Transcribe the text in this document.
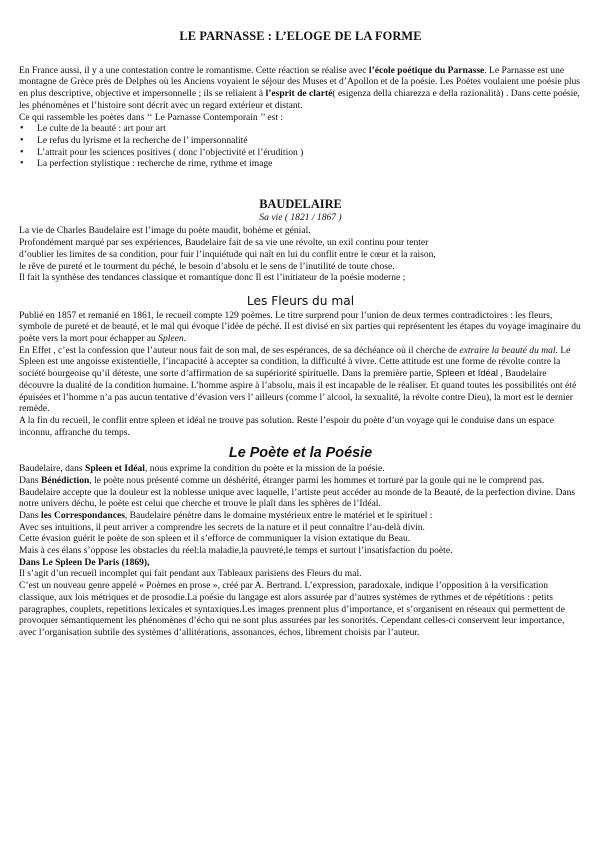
LE PARNASSE : L’ELOGE DE LA FORME

En France aussi, il y a une contestation contre le romantisme. Cette réaction se réalise avec l’école poétique du Parnasse. Le Parnasse est une montagne de Grèce près de Delphes où les Anciens voyaient le séjour des Muses et d’Apollon et de la poésie. Les Poètes voulaient une poésie plus en plus descriptive, objective et impersonnelle ; ils se reliaient à l’esprit de clarté( esigenza della chiarezza e della razionalità) . Dans cette poésie, les phénomènes et l’histoire sont décrit avec un regard extérieur et distant.

Ce qui rassemble les poètes dans ‘‘ Le Parnasse Contemporain ’’ est :

• Le culte de la beauté : art pour art
• Le refus du lyrisme et la recherche de l’ impersonnalité
• L’attrait pour les sciences positives ( donc l’objectivité et l’érudition )
• La perfection stylistique : recherche de rime, rythme et image
BAUDELAIRE
Sa vie ( 1821 / 1867 )
La vie de Charles Baudelaire est l’image du poète maudit, bohème et génial.
Profondément marqué par ses expériences, Baudelaire fait de sa vie une révolte, un exil continu pour tenter
d’oublier les limites de sa condition, pour fuir l’inquiétude qui naît en lui du conflit entre le cœur et la raison,
le rêve de pureté et le tourment du péché, le besoin d’absolu et le sens de l’inutilité de toute chose.
Il fait la synthèse des tendances classique et romantique donc Il est l’initiateur de la poésie moderne ;
Les Fleurs du mal

Publié en 1857 et remanié en 1861, le recueil compte 129 poèmes. Le titre surprend pour l’union de deux termes contradictoires : les fleurs, symbole de pureté et de beauté, et le mal qui évoque l’idée de péché. Il est divisé en six parties qui représentent les étapes du voyage imaginaire du poète vers la mort pour échapper au Spleen.

En Effet , c’est la confession que l’auteur nous fait de son mal, de ses espérances, de sa déchéance où il cherche de extraire la beauté du mal. Le Spleen est une angoisse existentielle, l’incapacité à accepter sa condition, la difficulté à vivre. Cette attitude est une forme de révolte contre la société bourgeoise qu’il déteste, une sorte d’affirmation de sa supériorité spirituelle. Dans la première partie, Spleen et Idéal , Baudelaire découvre la dualité de la condition humaine. L’homme aspire à l’absolu, mais il est incapable de le réaliser. Et quand toutes les possibilités ont été épuisées et l’homme n’a pas aucun tentative d’évasion vers l’ ailleurs (comme l’ alcool, la sexualité, la révolte contre Dieu), la mort est le dernier remède.

A la fin du recueil, le conflit entre spleen et idéal ne trouve pas solution. Reste l’espoir du poète d’un voyage qui le conduise dans un espace inconnu, affranche du temps.

Le Poète et la Poésie

Baudelaire, dans Spleen et Idéal, nous exprime la condition du poète et la mission de la poésie.

Dans Bénédiction, le poète nous présenté comme un déshérité, étranger parmi les hommes et torturé par la goule qui ne le comprend pas. Baudelaire accepte que la douleur est la noblesse unique avec laquelle, l’artiste peut accéder au monde de la Beauté, de la perfection divine. Dans notre univers déchu, le poète est celui que cherche et trouve le plaît dans les sphères de l’Idéal.

Dans les Correspondances, Baudelaire pénètre dans le domaine mystérieux entre le matériel et le spirituel :

Avec ses intuitions, il peut arriver a comprendre les secrets de la nature et il peut connaître l’au-delà divin.

Cette évasion guérit le poète de son spleen et il s’efforce de communiquer la vision extatique du Beau.

Mais à ces élans s’oppose les obstacles du réel:la maladie,la pauvreté,le temps et surtout l’insatisfaction du poète.

Dans Le Spleen De Paris (1869),

Il s’agit d’un recueil incomplet qui fait pendant aux Tableaux parisiens des Fleurs du mal.

C’est un nouveau genre appelé « Poèmes en prose », créé par A. Bertrand. L’expression, paradoxale, indique l’opposition à la versification classique, aux lois métriques et de prosodie.La poésie du langage est alors assurée par d’autres systèmes de rythmes et de répétitions : petits paragraphes, couplets, repetitions lexicales et syntaxiques.Les images prennent plus d’importance, et s’organisent en réseaux qui permettent de provoquer sémantiquement les phénomènes d’écho qui ne sont plus assurées par les sonorités. Cependant celles-ci conservent leur importance, avec l’organisation subtile des systèmes d’allitérations, assonances, échos, librement choisis par l’auteur.
